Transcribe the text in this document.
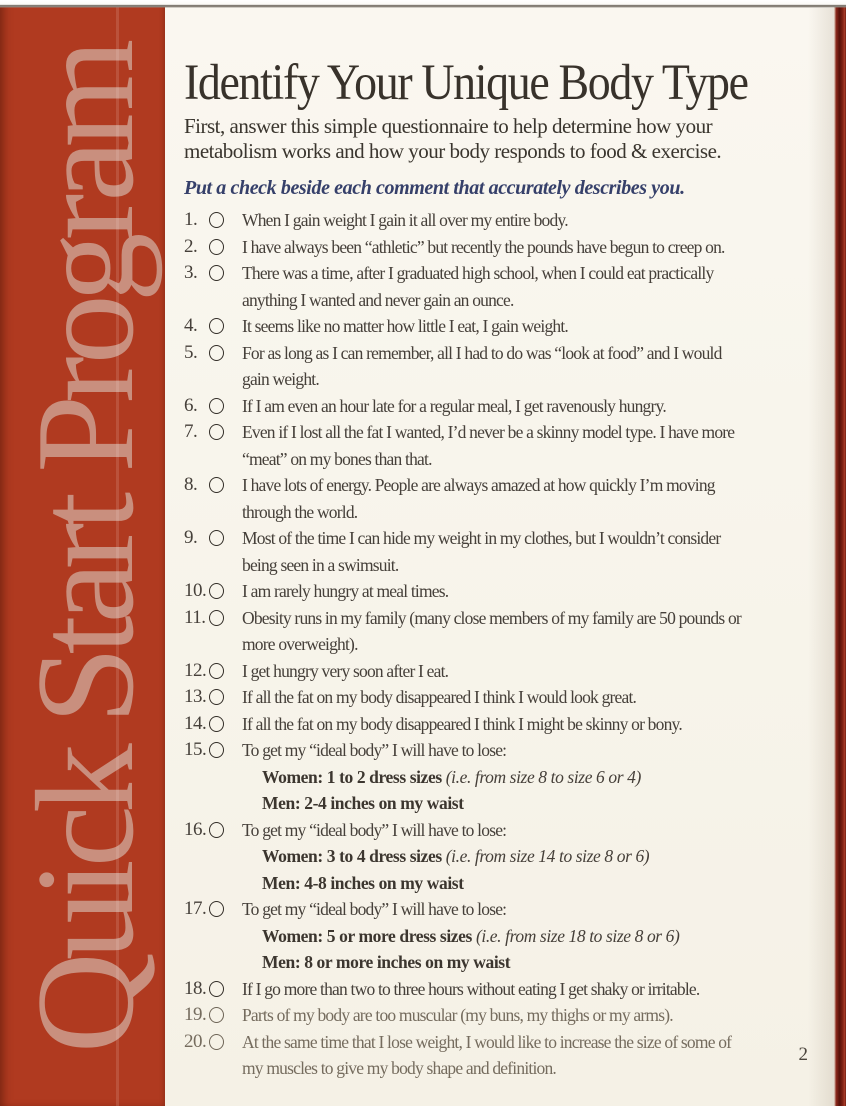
Quick Start Program Identify Your Unique Body Type

First, answer this simple questionnaire to help determine how your
metabolism works and how your body responds to food & exercise.

Put a check beside each comment that accurately describes you.

1.	When I gain weight I gain it all over my entire body.
2.	I have always been “athletic” but recently the pounds have begun to creep on.
3.	There was a time, after I graduated high school, when I could eat practically
anything I wanted and never gain an ounce.
4.	It seems like no matter how little I eat, I gain weight.
5.	For as long as I can remember, all I had to do was “look at food” and I would
gain weight.
6.	If I am even an hour late for a regular meal, I get ravenously hungry.
7.	Even if I lost all the fat I wanted, I’d never be a skinny model type. I have more
“meat” on my bones than that.
8.	I have lots of energy. People are always amazed at how quickly I’m moving
through the world.
9.	Most of the time I can hide my weight in my clothes, but I wouldn’t consider
being seen in a swimsuit.
10. I am rarely hungry at meal times.
11. Obesity runs in my family (many close members of my family are 50 pounds or
more overweight).
12. I get hungry very soon after I eat.
13. If all the fat on my body disappeared I think I would look great.
14. If all the fat on my body disappeared I think I might be skinny or bony.
15. To get my “ideal body” I will have to lose:
Women: 1 to 2 dress sizes (i.e. from size 8 to size 6 or 4)
Men: 2-4 inches on my waist
16. To get my “ideal body” I will have to lose:
Women: 3 to 4 dress sizes (i.e. from size 14 to size 8 or 6)
Men: 4-8 inches on my waist
17. To get my “ideal body” I will have to lose:
Women: 5 or more dress sizes (i.e. from size 18 to size 8 or 6)
Men: 8 or more inches on my waist
18. If I go more than two to three hours without eating I get shaky or irritable.
19. Parts of my body are too muscular (my buns, my thighs or my arms).
20. At the same time that I lose weight, I would like to increase the size of some of
my muscles to give my body shape and definition.
2
